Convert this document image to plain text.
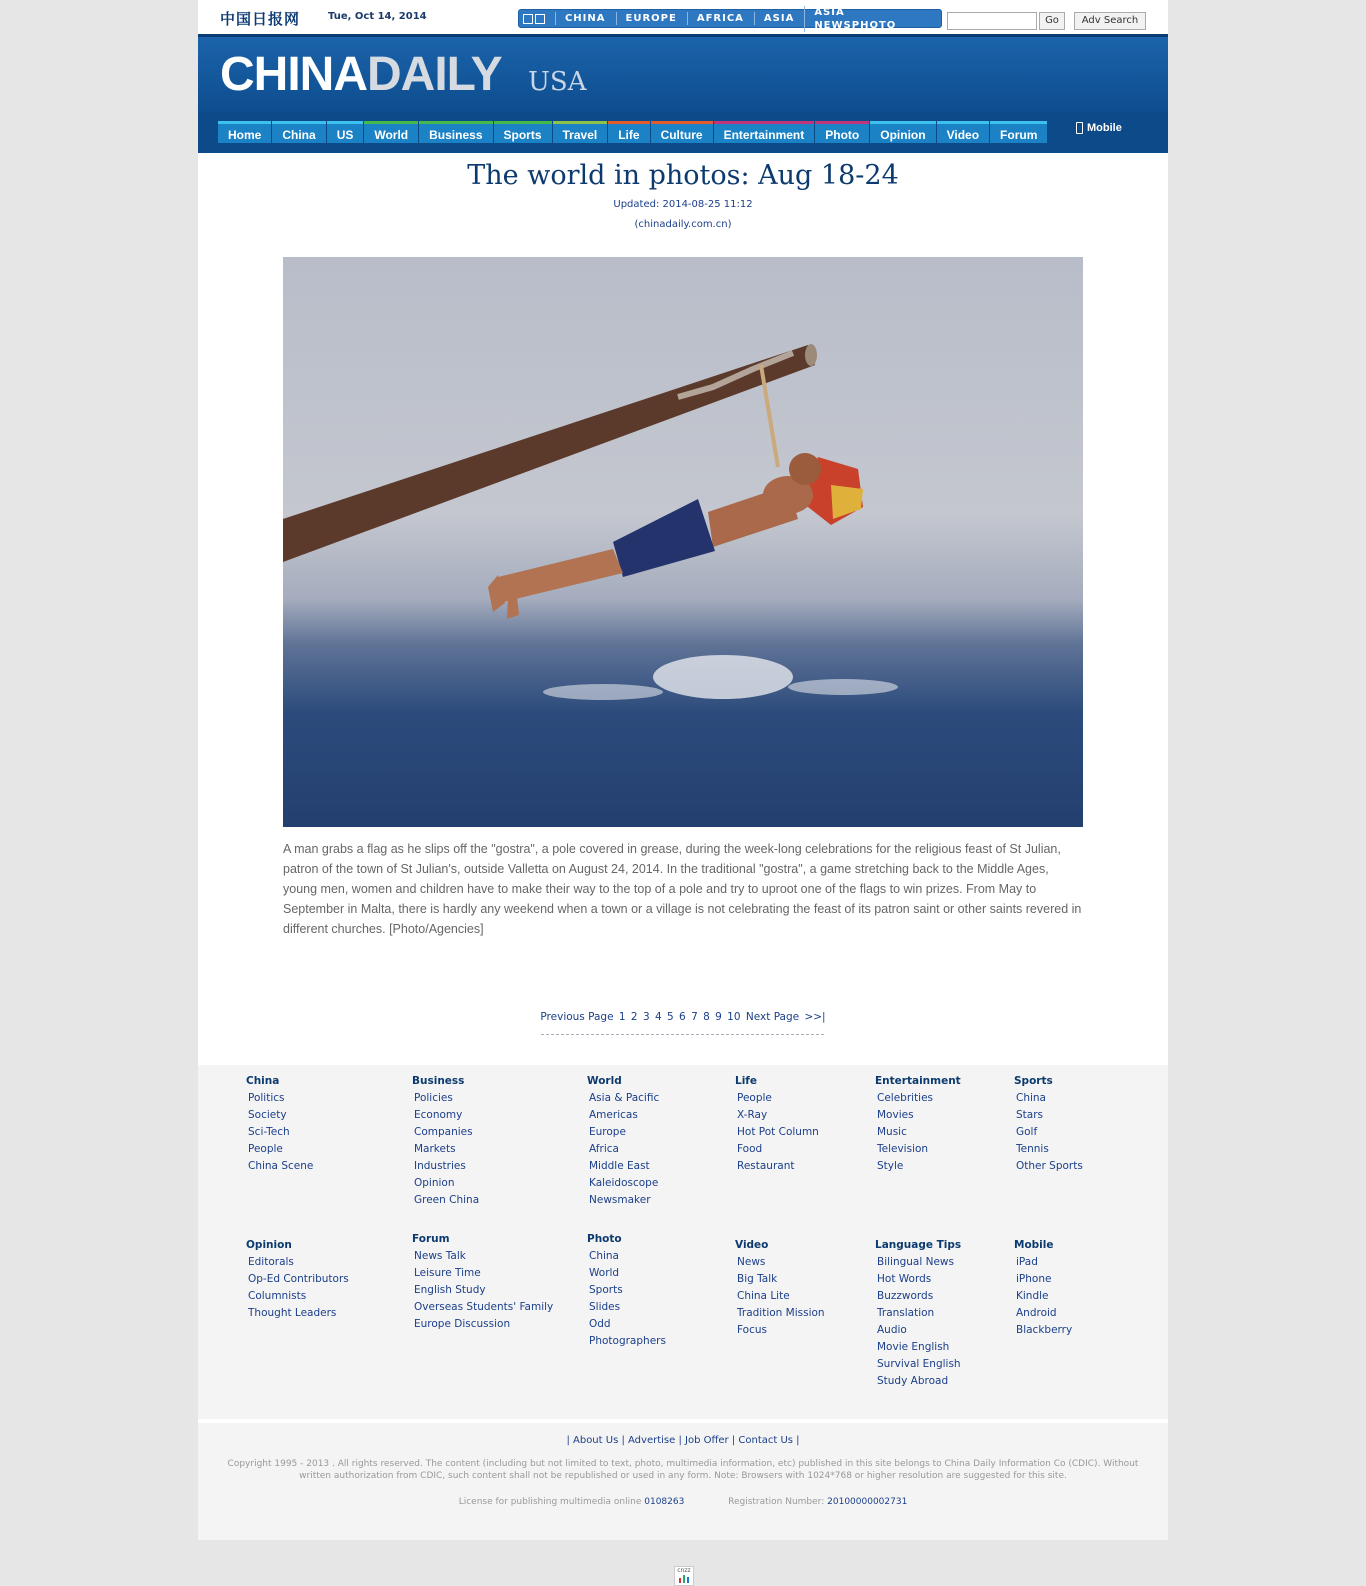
中国日报网	Tue, Oct 14, 2014	CHINA	EUROPE	AFRICA	ASIA
ASIA NEWSPHOTO	Go	Adv Search
CHINADAILY USA
Home	China	US	World	Business	Sports	Travel	Life	Culture	Entertainment	Photo	Opinion	Video	Forum	Mobile
The world in photos: Aug 18-24
Updated: 2014-08-25 11:12
(chinadaily.com.cn)
A man grabs a flag as he slips off the "gostra", a pole covered in grease, during the week-long celebrations for the religious feast of St Julian, patron of the town of St Julian's, outside Valletta on August 24, 2014. In the traditional "gostra", a game stretching back to the Middle Ages, young men, women and children have to make their way to the top of a pole and try to uproot one of the flags to win prizes. From May to September in Malta, there is hardly any weekend when a town or a village is not celebrating the feast of its patron saint or other saints revered in different churches. [Photo/Agencies]
Previous Page 1 2 3 4 5 6 7 8 9 10 Next Page >>|
China
Politics
Society
Sci-Tech
People
China Scene
Business
Policies
Economy
Companies
Markets
Industries
Opinion
Green China
World
Asia & Pacific
Americas
Europe
Africa
Middle East
Kaleidoscope
Newsmaker
Life
People
X-Ray
Hot Pot Column
Food
Restaurant
Entertainment
Celebrities
Movies
Music
Television
Style
Sports
China
Stars
Golf
Tennis
Other Sports
Opinion
Editorals
Op-Ed Contributors
Columnists
Thought Leaders
Forum
News Talk
Leisure Time
English Study
Overseas Students' Family
Europe Discussion
Photo
China
World
Sports
Slides
Odd
Photographers
Video
News
Big Talk
China Lite
Tradition Mission
Focus
Language Tips
Bilingual News
Hot Words
Buzzwords
Translation
Audio
Movie English
Survival English
Study Abroad
Mobile
iPad
iPhone
Kindle
Android
Blackberry
| About Us | Advertise | Job Offer | Contact Us |
Copyright 1995 - 2013 . All rights reserved. The content (including but not limited to text, photo, multimedia information, etc) published in this site belongs to China Daily Information Co (CDIC). Without written authorization from CDIC, such content shall not be republished or used in any form. Note: Browsers with 1024*768 or higher resolution are suggested for this site.
License for publishing multimedia online 0108263	Registration Number: 20100000002731
cnzz
